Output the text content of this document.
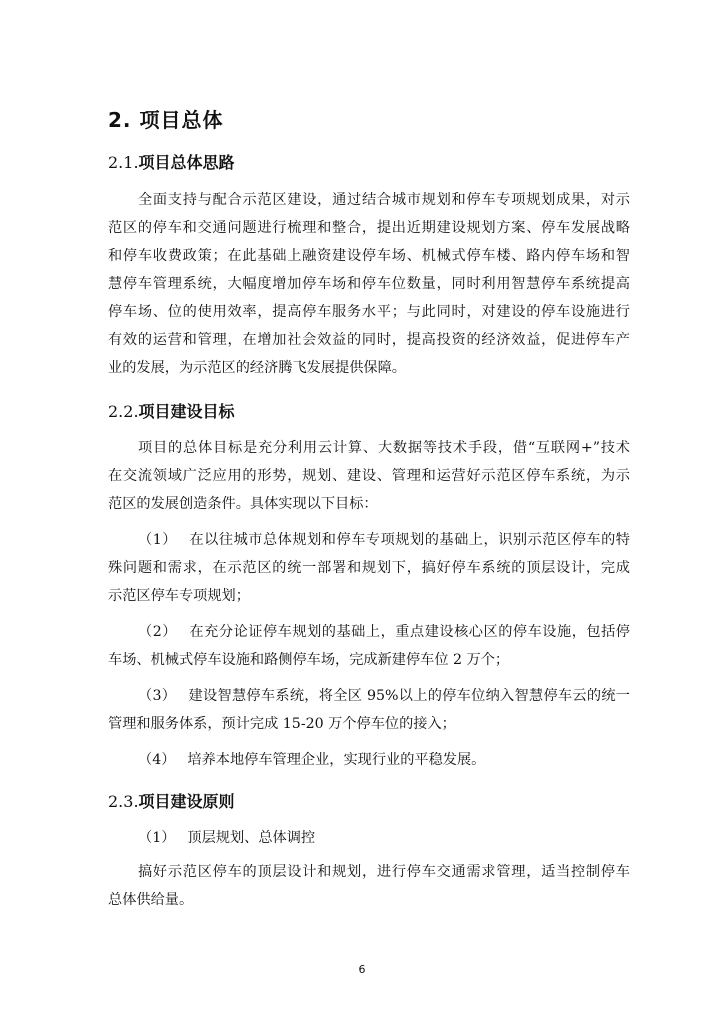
2. 项目总体
2.1.项目总体思路
全面支持与配合示范区建设，通过结合城市规划和停车专项规划成果，对示
范区的停车和交通问题进行梳理和整合，提出近期建设规划方案、停车发展战略
和停车收费政策；在此基础上融资建设停车场、机械式停车楼、路内停车场和智
慧停车管理系统，大幅度增加停车场和停车位数量，同时利用智慧停车系统提高
停车场、位的使用效率，提高停车服务水平；与此同时，对建设的停车设施进行
有效的运营和管理，在增加社会效益的同时，提高投资的经济效益，促进停车产
业的发展，为示范区的经济腾飞发展提供保障。
2.2.项目建设目标
项目的总体目标是充分利用云计算、大数据等技术手段，借“互联网+”技术
在交流领域广泛应用的形势，规划、建设、管理和运营好示范区停车系统，为示
范区的发展创造条件。具体实现以下目标：
（1） 在以往城市总体规划和停车专项规划的基础上，识别示范区停车的特
殊问题和需求，在示范区的统一部署和规划下，搞好停车系统的顶层设计，完成
示范区停车专项规划；
（2） 在充分论证停车规划的基础上，重点建设核心区的停车设施，包括停
车场、机械式停车设施和路侧停车场，完成新建停车位 2 万个；
（3） 建设智慧停车系统，将全区 95%以上的停车位纳入智慧停车云的统一
管理和服务体系，预计完成 15-20 万个停车位的接入；
（4） 培养本地停车管理企业，实现行业的平稳发展。
2.3.项目建设原则
（1） 顶层规划、总体调控
搞好示范区停车的顶层设计和规划，进行停车交通需求管理，适当控制停车
总体供给量。
6
